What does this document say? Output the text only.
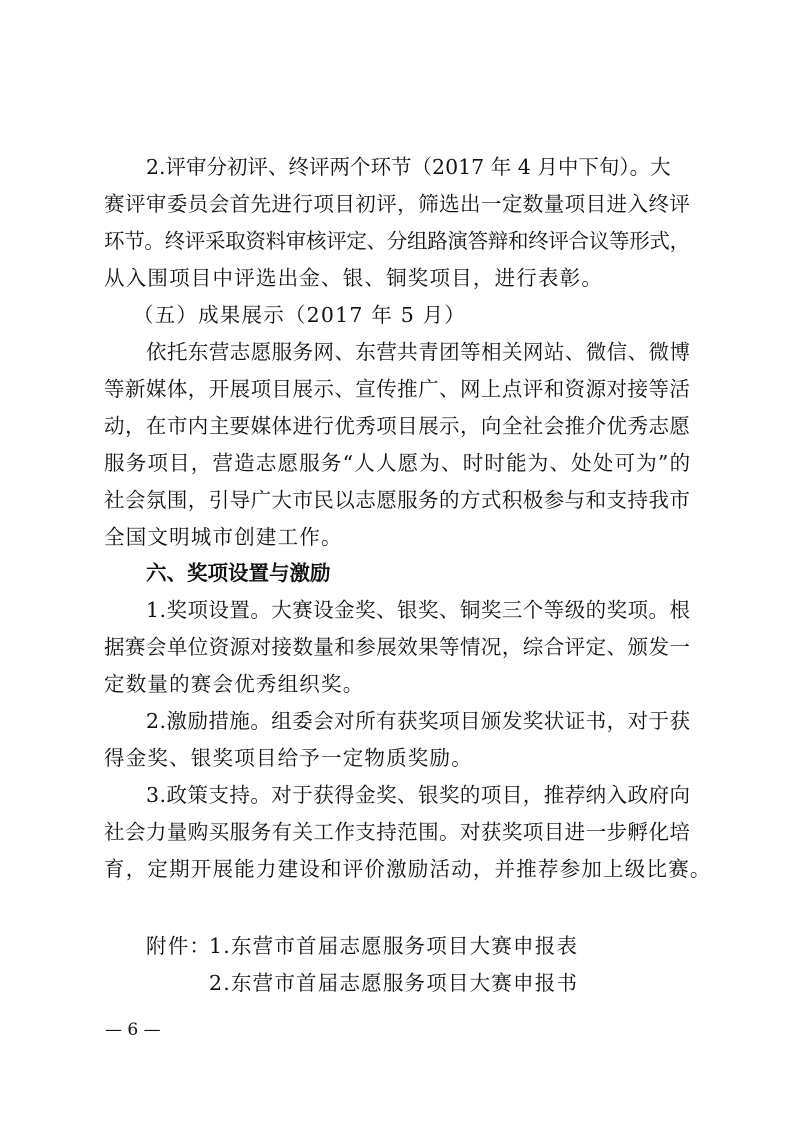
2.评审分初评、终评两个环节（2017 年 4 月中下旬）。大
赛评审委员会首先进行项目初评，筛选出一定数量项目进入终评
环节。终评采取资料审核评定、分组路演答辩和终评合议等形式，
从入围项目中评选出金、银、铜奖项目，进行表彰。
（五）成果展示（2017 年 5 月）
依托东营志愿服务网、东营共青团等相关网站、微信、微博
等新媒体，开展项目展示、宣传推广、网上点评和资源对接等活
动，在市内主要媒体进行优秀项目展示，向全社会推介优秀志愿
服务项目，营造志愿服务“人人愿为、时时能为、处处可为”的
社会氛围，引导广大市民以志愿服务的方式积极参与和支持我市
全国文明城市创建工作。
六、奖项设置与激励
1.奖项设置。大赛设金奖、银奖、铜奖三个等级的奖项。根
据赛会单位资源对接数量和参展效果等情况，综合评定、颁发一
定数量的赛会优秀组织奖。
2.激励措施。组委会对所有获奖项目颁发奖状证书，对于获
得金奖、银奖项目给予一定物质奖励。
3.政策支持。对于获得金奖、银奖的项目，推荐纳入政府向
社会力量购买服务有关工作支持范围。对获奖项目进一步孵化培
育，定期开展能力建设和评价激励活动，并推荐参加上级比赛。
附件：
1.东营市首届志愿服务项目大赛申报表
2.东营市首届志愿服务项目大赛申报书
— 6 —
